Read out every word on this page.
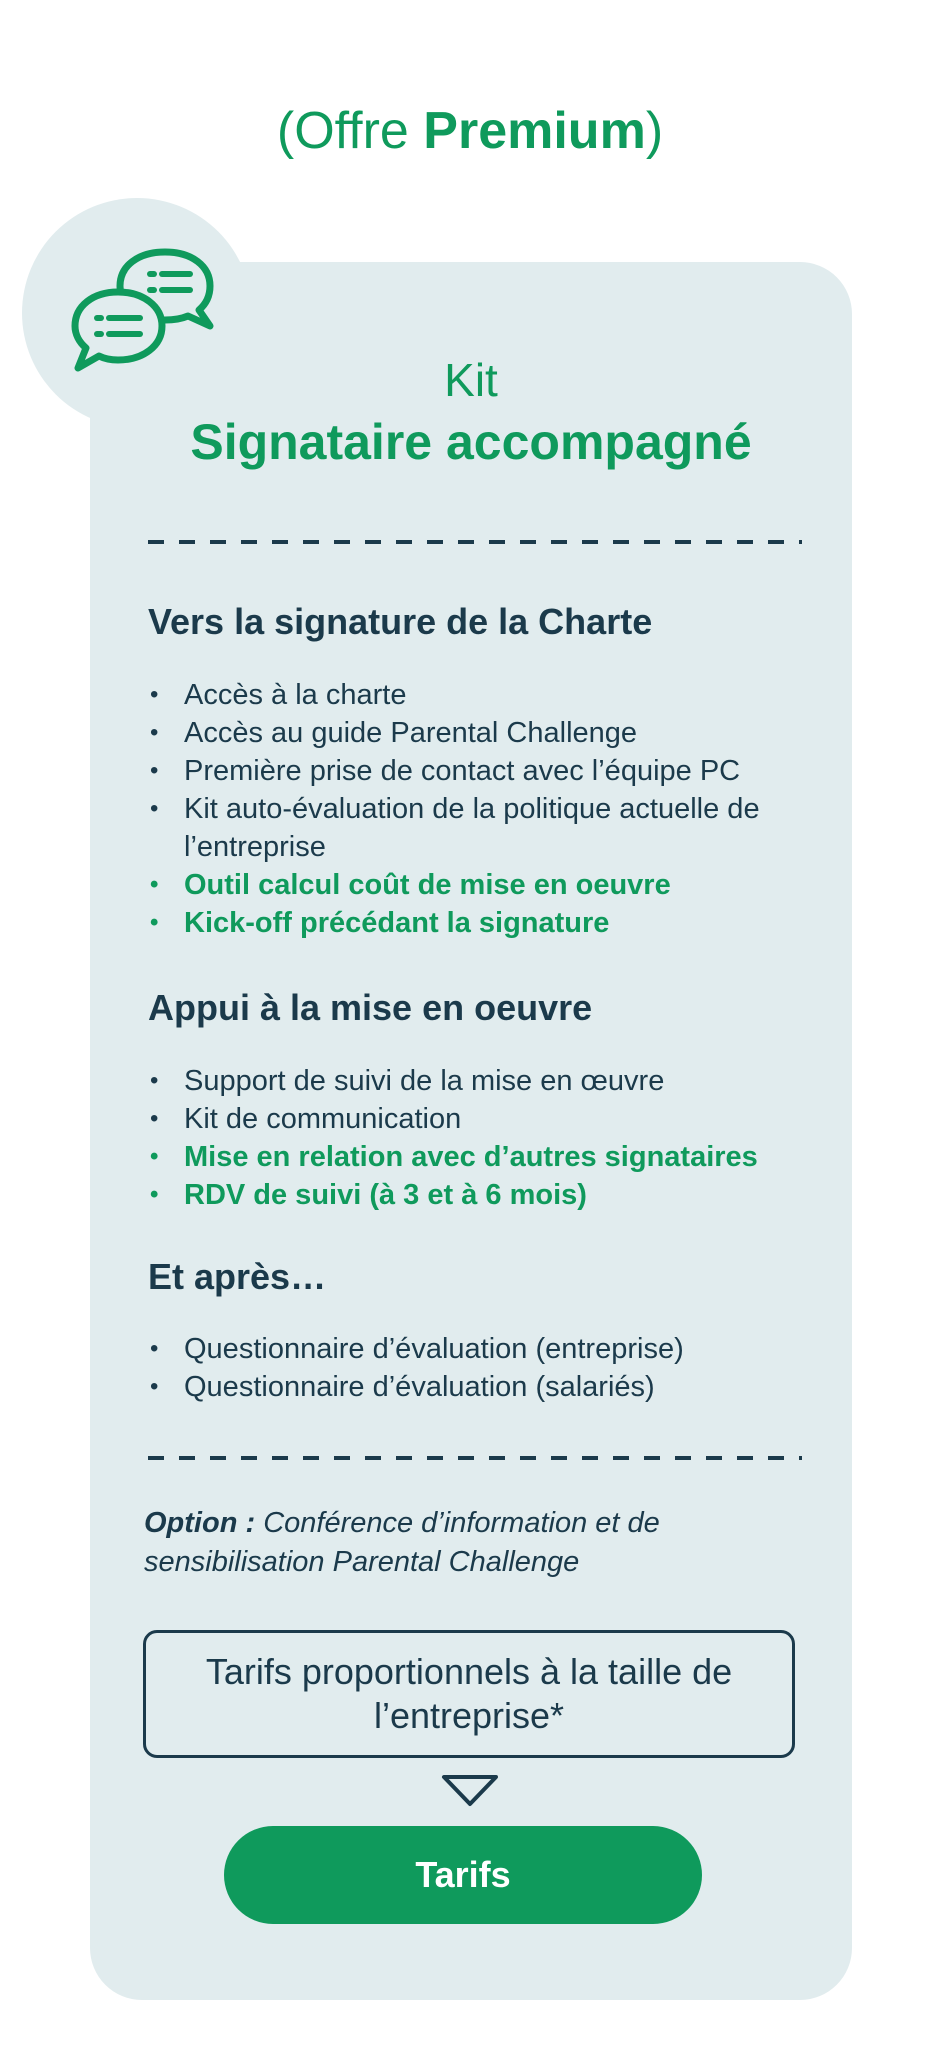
(Offre Premium)
Kit
Signataire accompagné
Vers la signature de la Charte
• Accès à la charte
• Accès au guide Parental Challenge
• Première prise de contact avec l’équipe PC
• Kit auto-évaluation de la politique actuelle de l’entreprise
• Outil calcul coût de mise en oeuvre
• Kick-off précédant la signature
Appui à la mise en oeuvre
• Support de suivi de la mise en œuvre
• Kit de communication
• Mise en relation avec d’autres signataires
• RDV de suivi (à 3 et à 6 mois)
Et après…
• Questionnaire d’évaluation (entreprise)
• Questionnaire d’évaluation (salariés)
Option : Conférence d’information et de sensibilisation Parental Challenge
Tarifs proportionnels à la taille de l’entreprise*
Tarifs
